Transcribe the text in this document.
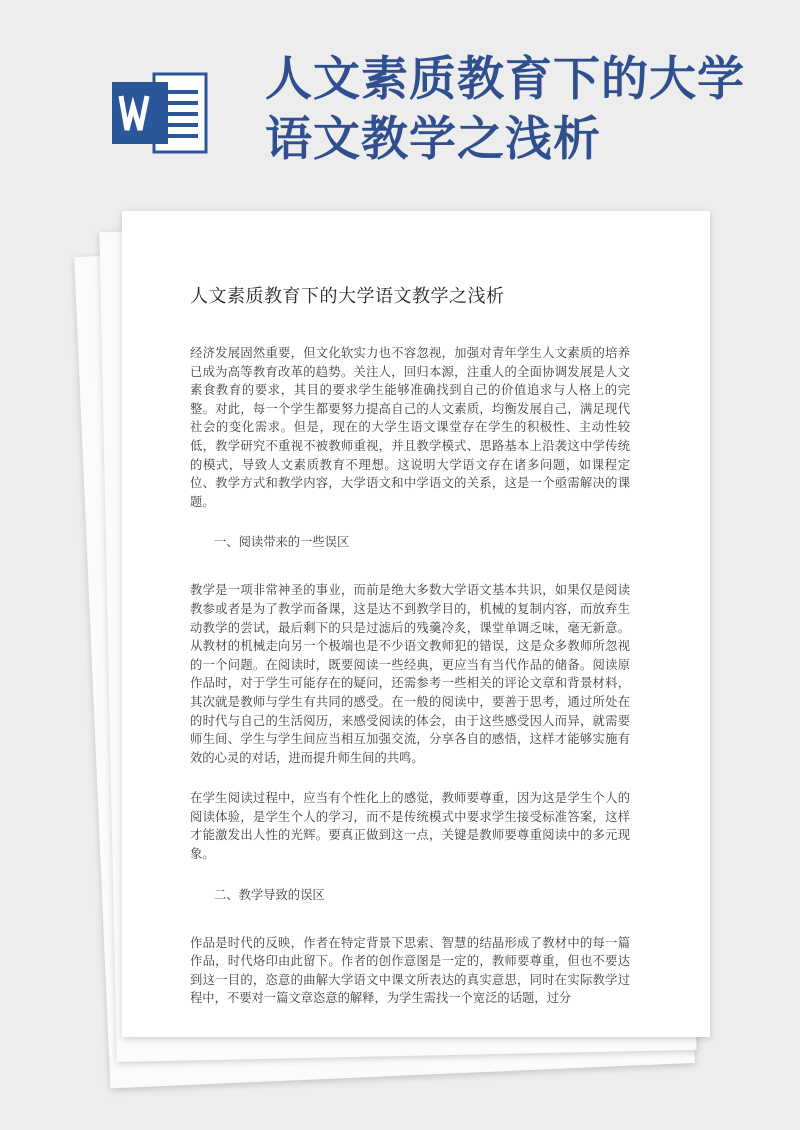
人文素质教育下的大学
语文教学之浅析
人文素质教育下的大学语文教学之浅析

经济发展固然重要，但文化软实力也不容忽视，加强对青年学生人文素质的培养已成为高等教育改革的趋势。关注人，回归本源，注重人的全面协调发展是人文素食教育的要求，其目的要求学生能够准确找到自己的价值追求与人格上的完整。对此，每一个学生都要努力提高自己的人文素质，均衡发展自己，满足现代社会的变化需求。但是，现在的大学生语文课堂存在学生的积极性、主动性较低，教学研究不重视不被教师重视，并且教学模式、思路基本上沿袭这中学传统的模式，导致人文素质教育不理想。这说明大学语文存在诸多问题，如课程定位、教学方式和教学内容，大学语文和中学语文的关系，这是一个亟需解决的课题。

一、阅读带来的一些误区

教学是一项非常神圣的事业，而前是绝大多数大学语文基本共识，如果仅是阅读教参或者是为了教学而备课，这是达不到教学目的，机械的复制内容，而放弃生动教学的尝试，最后剩下的只是过滤后的残羹冷炙，课堂单调乏味，毫无新意。从教材的机械走向另一个极端也是不少语文教师犯的错误，这是众多教师所忽视的一个问题。在阅读时，既要阅读一些经典，更应当有当代作品的储备。阅读原作品时，对于学生可能存在的疑问，还需参考一些相关的评论文章和背景材料，其次就是教师与学生有共同的感受。在一般的阅读中，要善于思考，通过所处在的时代与自己的生活阅历，来感受阅读的体会，由于这些感受因人而异，就需要师生间、学生与学生间应当相互加强交流，分享各自的感悟，这样才能够实施有效的心灵的对话，进而提升师生间的共鸣。

在学生阅读过程中，应当有个性化上的感觉，教师要尊重，因为这是学生个人的阅读体验，是学生个人的学习，而不是传统模式中要求学生接受标准答案，这样才能激发出人性的光辉。要真正做到这一点，关键是教师要尊重阅读中的多元现象。

二、教学导致的误区

作品是时代的反映，作者在特定背景下思索、智慧的结晶形成了教材中的每一篇作品，时代烙印由此留下。作者的创作意图是一定的，教师要尊重，但也不要达到这一目的，恣意的曲解大学语文中课文所表达的真实意思，同时在实际教学过程中，不要对一篇文章恣意的解释，为学生需找一个宽泛的话题，过分
